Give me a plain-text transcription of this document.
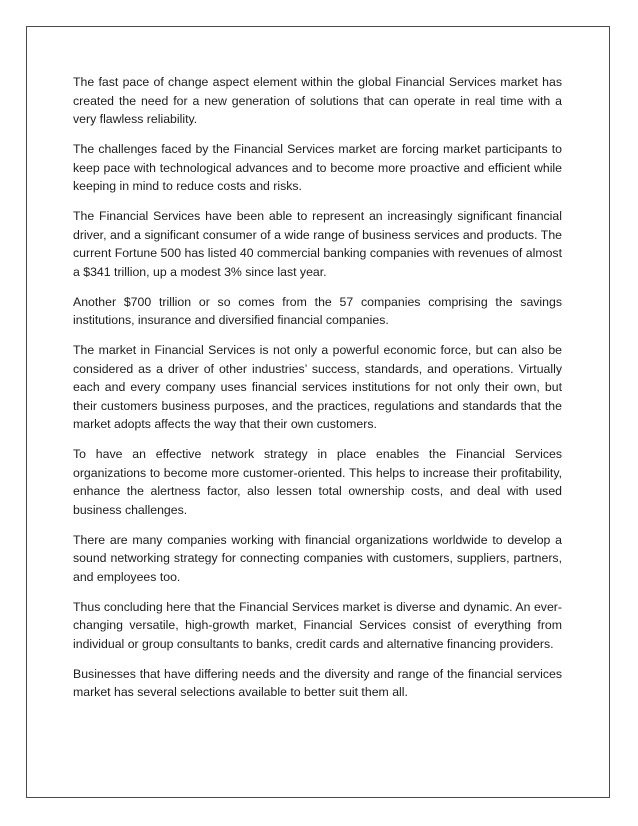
The fast pace of change aspect element within the global Financial Services market has created the need for a new generation of solutions that can operate in real time with a very flawless reliability.

The challenges faced by the Financial Services market are forcing market participants to keep pace with technological advances and to become more proactive and efficient while keeping in mind to reduce costs and risks.

The Financial Services have been able to represent an increasingly significant financial driver, and a significant consumer of a wide range of business services and products. The current Fortune 500 has listed 40 commercial banking companies with revenues of almost a $341 trillion, up a modest 3% since last year.

Another $700 trillion or so comes from the 57 companies comprising the savings institutions, insurance and diversified financial companies.

The market in Financial Services is not only a powerful economic force, but can also be considered as a driver of other industries’ success, standards, and operations. Virtually each and every company uses financial services institutions for not only their own, but their customers business purposes, and the practices, regulations and standards that the market adopts affects the way that their own customers.

To have an effective network strategy in place enables the Financial Services organizations to become more customer-oriented. This helps to increase their profitability, enhance the alertness factor, also lessen total ownership costs, and deal with used business challenges.

There are many companies working with financial organizations worldwide to develop a sound networking strategy for connecting companies with customers, suppliers, partners, and employees too.

Thus concluding here that the Financial Services market is diverse and dynamic. An ever-changing versatile, high-growth market, Financial Services consist of everything from individual or group consultants to banks, credit cards and alternative financing providers.

Businesses that have differing needs and the diversity and range of the financial services market has several selections available to better suit them all.
